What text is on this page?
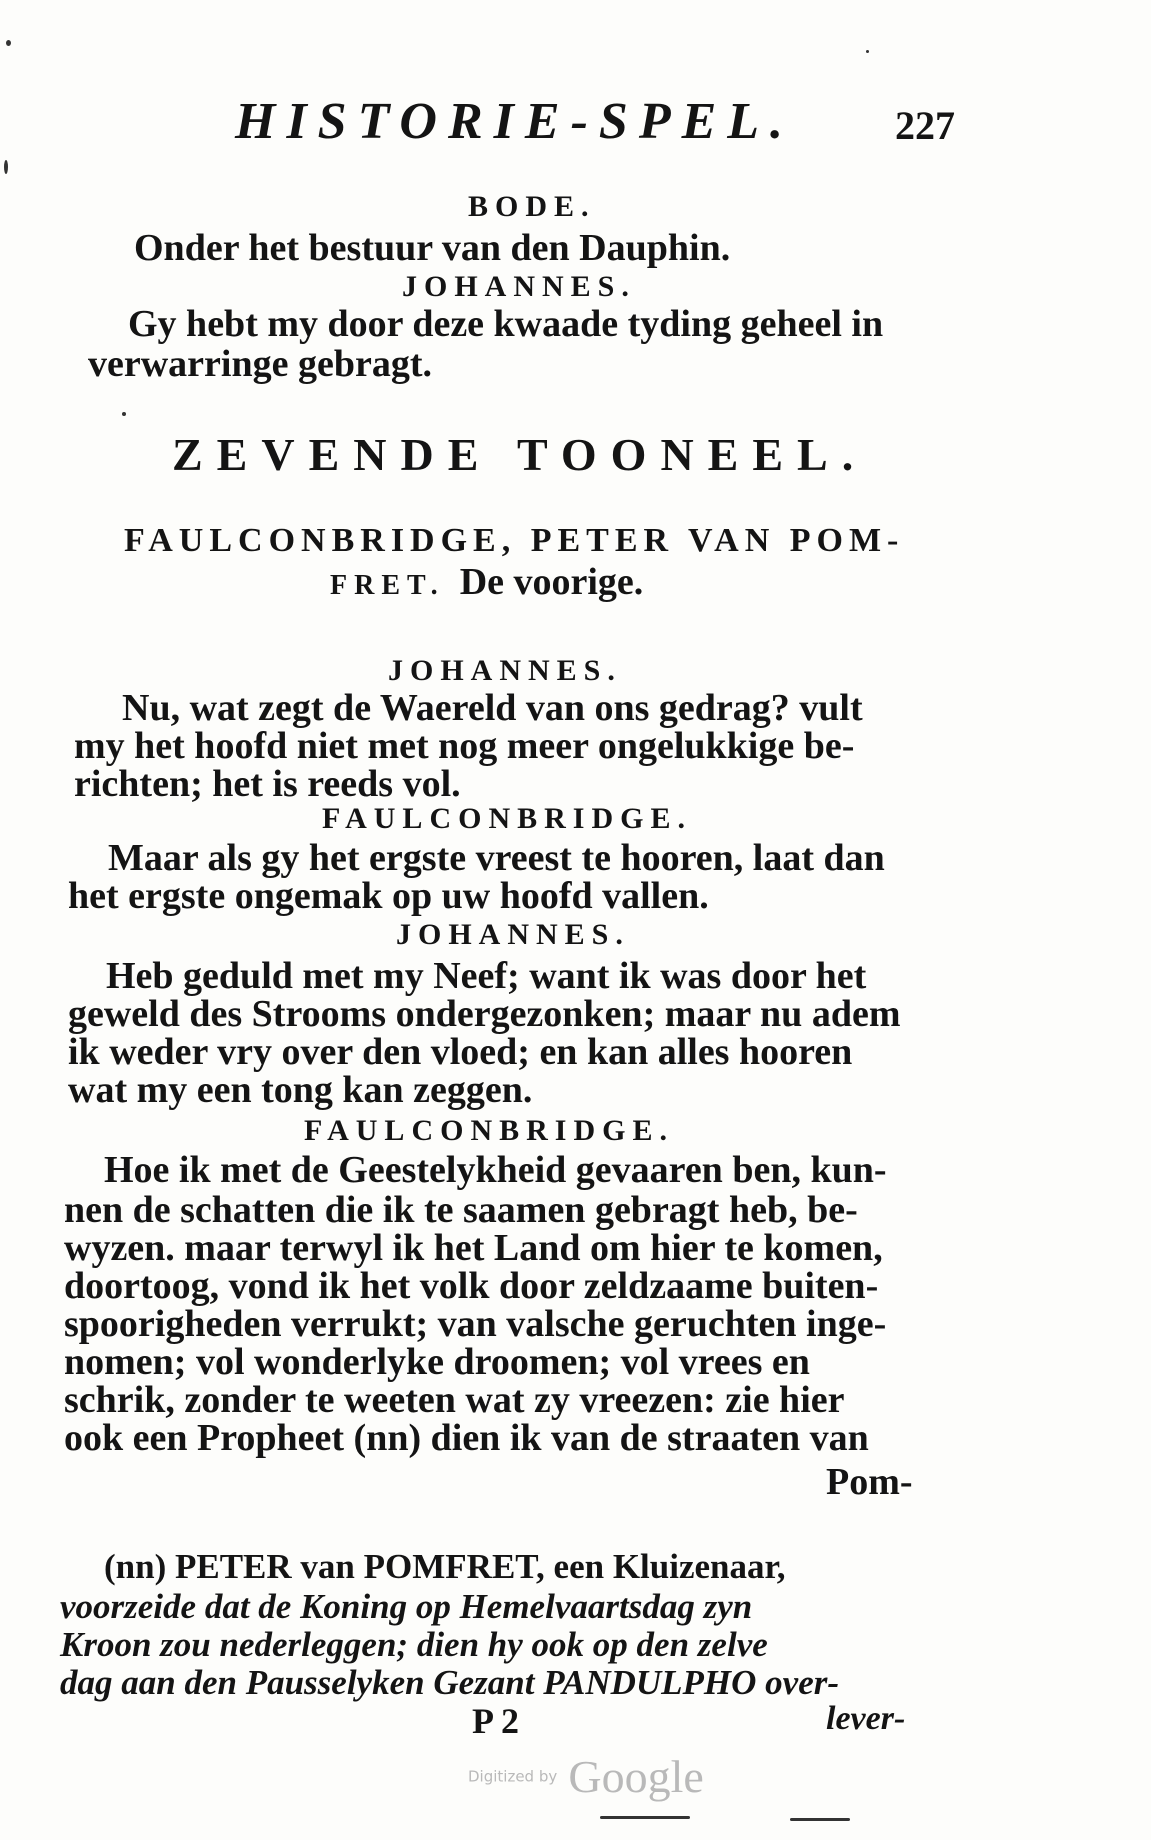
HISTORIE-SPEL.	227
BODE.
Onder het bestuur van den Dauphin.
JOHANNES.
Gy hebt my door deze kwaade tyding geheel in
verwarringe gebragt.
ZEVENDE TOONEEL.
FAULCONBRIDGE, PETER VAN POM-
FRET. De voorige.
JOHANNES.
Nu, wat zegt de Waereld van ons gedrag? vult
my het hoofd niet met nog meer ongelukkige be-
richten; het is reeds vol.
FAULCONBRIDGE.
Maar als gy het ergste vreest te hooren, laat dan
het ergste ongemak op uw hoofd vallen.
JOHANNES.
Heb geduld met my Neef; want ik was door het
geweld des Strooms ondergezonken; maar nu adem
ik weder vry over den vloed; en kan alles hooren
wat my een tong kan zeggen.
FAULCONBRIDGE.
Hoe ik met de Geestelykheid gevaaren ben, kun-
nen de schatten die ik te saamen gebragt heb, be-
wyzen. maar terwyl ik het Land om hier te komen,
doortoog, vond ik het volk door zeldzaame buiten-
spoorigheden verrukt; van valsche geruchten inge-
nomen; vol wonderlyke droomen; vol vrees en
schrik, zonder te weeten wat zy vreezen: zie hier
ook een Propheet (nn) dien ik van de straaten van
Pom-
(nn) PETER van POMFRET, een Kluizenaar,
voorzeide dat de Koning op Hemelvaartsdag zyn
Kroon zou nederleggen; dien hy ook op den zelve
dag aan den Pausselyken Gezant PANDULPHO over-
P 2	lever-
Digitized by Google
